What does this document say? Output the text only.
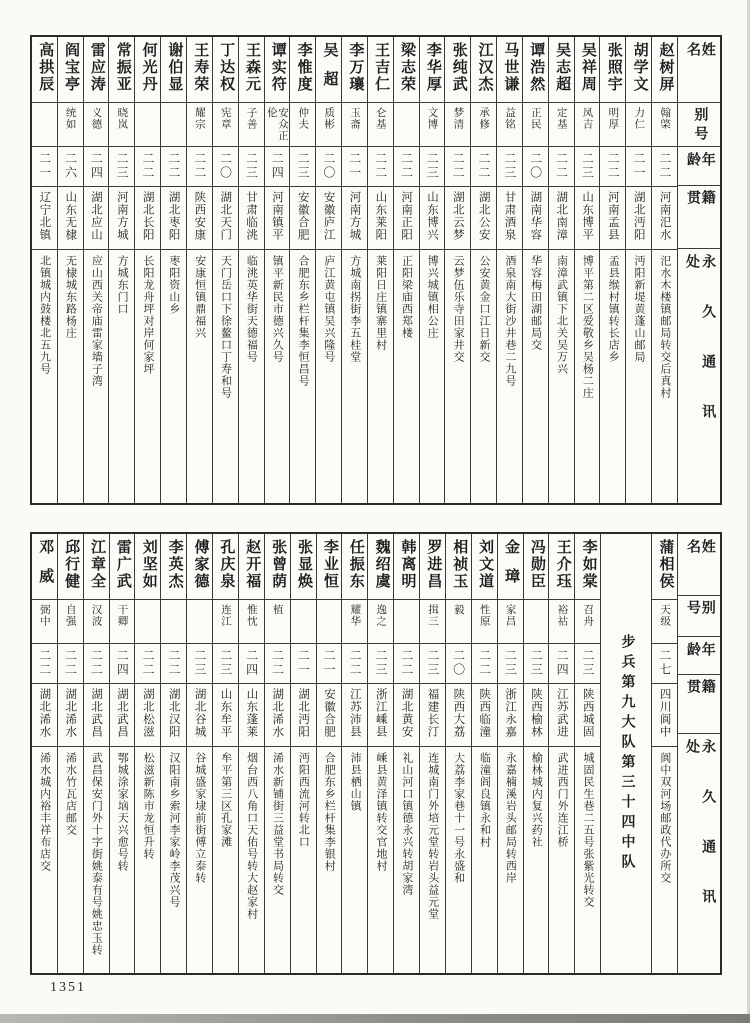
姓名
别号
年龄
籍贯
永久通讯处
赵树屏
翰棨
二二
河南汜水
汜水木楼镇邮局转交后真村
胡学文
力仁
二一
湖北沔阳
沔阳新堤黄蓬山邮局
张照宇
明厚
二二
河南孟县
孟县缑村镇转长店乡
吴祥周
凤吉
二三
山东博平
博平第二区爱敬乡吴杨二庄
吴志超
定基
二二
湖北南漳
南漳武镇下北关吴万兴
谭浩然
正民
二〇
湖南华容
华容梅田湖邮局交
马世谦
益铭
二三
甘肃酒泉
酒泉南大街沙井巷二九号
江汉杰
承修
二二
湖北公安
公安黄金口江日新交
张纯武
梦清
二二
湖北云梦
云梦伍乐寺田家井交
李华厚
文博
二三
山东博兴
博兴城镇相公庄
梁志荣
二二
河南正阳
正阳梁庙西郑楼
王吉仁
仑基
二二
山东莱阳
莱阳日庄镇寨里村
李万瓖
玉斋
二一
河南方城
方城南拐街李五桂堂
吴超
质彬
二〇
安徽庐江
庐江黄屯镇吴兴隆号
李惟度
仲夫
二三
安徽合肥
合肥东乡栏杆集李恒昌号
谭实符
安众正伦
二四
河南镇平
镇平新民市德兴久号
王森元
子善
二三
甘肃临洮
临洮英华街天德福号
丁达权
宪章
二〇
湖北天门
天门岳口下徐鳌口丁寿和号
王寿荣
耀宗
二二
陕西安康
安康恒镇鼎福兴
谢伯显
二二
湖北枣阳
枣阳资山乡
何光丹
二二
湖北长阳
长阳龙舟坪对岸何家坪
常振亚
晓岚
二三
河南方城
方城东门口
雷应涛
义德
二四
湖北应山
应山西关帝庙雷家墙子湾
阎宝亭
统如
二六
山东无棣
无棣城东路杨庄
高拱辰
二一
辽宁北镇
北镇城内鼓楼北五九号
姓名
别号
年龄
籍贯
永久通讯处
蒲相侯
天级
二七
四川阆中
阆中双河场邮政代办所交
步兵第九大队第三十四中队
李如棠
召舟
二三
陕西城固
城固民生巷二五号张紫光转交
王介珏
裕祜
二四
江苏武进
武进西门外连江桥
冯勋臣
二三
陕西榆林
榆林城内复兴药社
金璋
家昌
二三
浙江永嘉
永嘉楠溪岩头邮局转西岸
刘文道
性原
二二
陕西临潼
临潼阎良镇永和村
相祯玉
毅
二〇
陕西大荔
大荔李家巷十一号永盛和
罗进昌
揖三
二三
福建长汀
连城南门外培元堂转岩头益元堂
韩离明
二二
湖北黄安
礼山河口镇德永兴转胡家湾
魏绍虞
逸之
二三
浙江嵊县
嵊县黄泽镇转交官地村
任振东
耀华
二二
江苏沛县
沛县栖山镇
李业恒
二一
安徽合肥
合肥东乡栏杆集李银村
张显焕
二一
湖北沔阳
沔阳西流河转北口
张曾荫
植
二二
湖北浠水
浠水新铺街三益堂书局转交
赵开福
惟忱
二四
山东蓬莱
烟台西八角口天佑号转大赵家村
孔庆泉
连江
二三
山东牟平
牟平第三区孔家滩
傅家德
二三
湖北谷城
谷城盛家埭前街傅立泰转
李英杰
二二
湖北汉阳
汉阳南乡索河李家岭李茂兴号
刘坚如
二二
湖北松滋
松滋新陈市龙恒升转
雷广武
干卿
二四
湖北武昌
鄂城涂家垴天兴愈号转
江章全
汉波
二二
湖北武昌
武昌保安门外十字街姚泰有号姚忠玉转
邱行健
自强
二二
湖北浠水
浠水竹瓦店邮交
邓威
弼中
二二
湖北浠水
浠水城内裕丰祥布店交
1351
